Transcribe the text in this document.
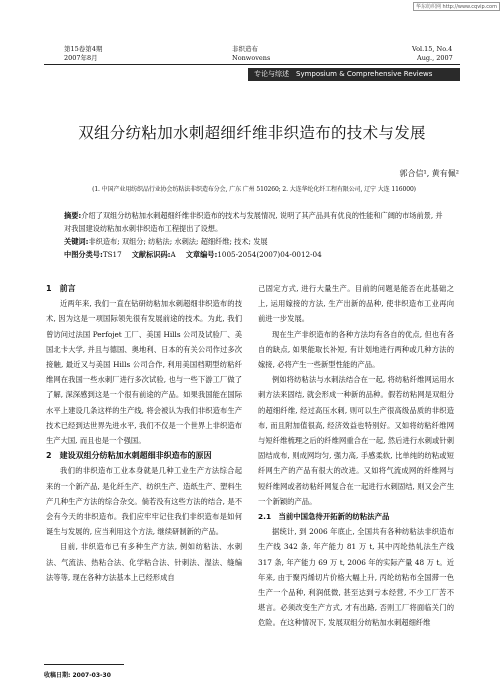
华东纺织网 http://www.cqvip.com
第15卷第4期
2007年8月
非织造布
Nonwovens
Vol.15, No.4
Aug., 2007
专论与综述　Symposium & Comprehensive Reviews
双组分纺粘加水刺超细纤维非织造布的技术与发展
郭合信¹, 黄有佩²
(1. 中国产业用纺织品行业协会纺粘法非织造布分会, 广东 广州 510260; 2. 大连华纶化纤工程有限公司, 辽宁 大连 116000)
摘要:介绍了双组分纺粘加水刺超细纤维非织造布的技术与发展情况, 说明了其产品具有优良的性能和广阔的市场前景, 并对我国建设纺粘加水刺非织造布工程提出了设想。
关键词:非织造布; 双组分; 纺粘法; 水刺法; 超细纤维; 技术; 发展
中图分类号:TS17 文献标识码:A 文章编号:1005-2054(2007)04-0012-04
1　前言

近两年来, 我们一直在钻研纺粘加水刺超细非织造布的技术, 因为这是一项国际领先很有发展前途的技术。为此, 我们曾访问过法国 Perfojet 工厂、美国 Hills 公司及试验厂、美国北卡大学, 并且与德国、奥地利、日本的有关公司作过多次接触, 最近又与美国 Hills 公司合作, 利用美国档期型纺粘纤维网在我国一些水刺厂进行多次试验, 也与一些下游工厂做了了解, 深深感到这是一个很有前途的产品。如果我国能在国际水平上建设几条这样的生产线, 将会被认为我们非织造布生产技术已经到达世界先进水平, 我们不仅是一个世界上非织造布生产大国, 而且也是一个强国。

2　建设双组分纺粘加水刺超细非织造布的原因

我们的非织造布工业本身就是几种工业生产方法综合起来的一个新产品, 是化纤生产、纺织生产、造纸生产、塑料生产几种生产方法的综合杂交。倘若没有这些方法的结合, 是不会有今天的非织造布。我们应牢牢记住我们非织造布是如何诞生与发展的, 应当利用这个方法, 继续研制新的产品。

目前, 非织造布已有多种生产方法, 例如纺粘法、水刺法、气流法、热粘合法、化学粘合法、针刺法、湿法、缝编法等等, 现在各种方法基本上已经形成自

己固定方式, 进行大量生产。目前的问题是能否在此基础之上, 运用嫁接的方法, 生产出新的品种, 使非织造布工业再向前进一步发展。

现在生产非织造布的各种方法均有各自的优点, 但也有各自的缺点, 如果能取长补短, 有计划地进行两种或几种方法的嫁接, 必将产生一些新型性能的产品。

例如将纺粘法与水刺法结合在一起, 将纺粘纤维网运用水刺方法来固结, 就会形成一种新的品种。假若纺粘网是双组分的超细纤维, 经过高压水刺, 则可以生产很高级品质的非织造布, 而且附加值很高, 经济效益也特别好。又如将纺粘纤维网与短纤维梳理之后的纤维网重合在一起, 然后进行水刺或针刺固结成布, 则成网均匀, 强力高, 手感柔软, 比单纯的纺粘或短纤网生产的产品有很大的改进。又如将气流成网的纤维网与短纤维网或者纺粘纤网复合在一起进行水刺固结, 则又会产生一个新颖的产品。

2.1　当前中国急待开拓新的纺粘法产品

据统计, 到 2006 年底止, 全国共有各种纺粘法非织造布生产线 342 条, 年产能力 81 万 t, 其中丙纶热轧法生产线 317 条, 年产能力 69 万 t, 2006 年的实际产量 48 万 t。近年来, 由于聚丙烯切片价格大幅上升, 丙纶纺粘布全国滞一色生产一个品种, 利润低微, 甚至达到亏本经营, 不少工厂苦不堪言。必须改变生产方式, 才有出路, 否则工厂将面临关门的危险。在这种情况下, 发展双组分纺粘加水刺超细纤维

收稿日期: 2007-03-30
